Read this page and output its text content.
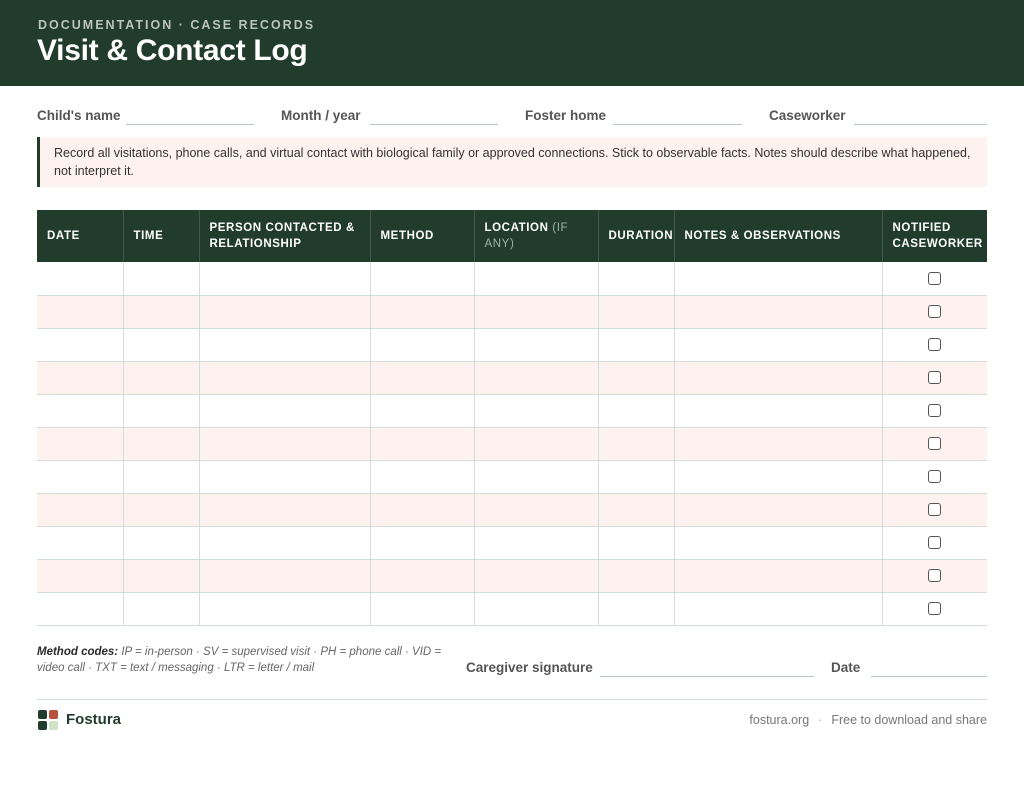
DOCUMENTATION · CASE RECORDS
Visit & Contact Log
Child's name	Month / year	Foster home	Caseworker
Record all visitations, phone calls, and virtual contact with biological family or approved connections. Stick to observable facts. Notes should describe what happened, not interpret it.
DATE	TIME	PERSON CONTACTED & RELATIONSHIP	METHOD	LOCATION (IF ANY)	DURATION	NOTES & OBSERVATIONS	NOTIFIED CASEWORKER

Method codes: IP = in-person · SV = supervised visit · PH = phone call · VID = video call · TXT = text / messaging · LTR = letter / mail	Caregiver signature	Date
Fostura	fostura.org · Free to download and share
